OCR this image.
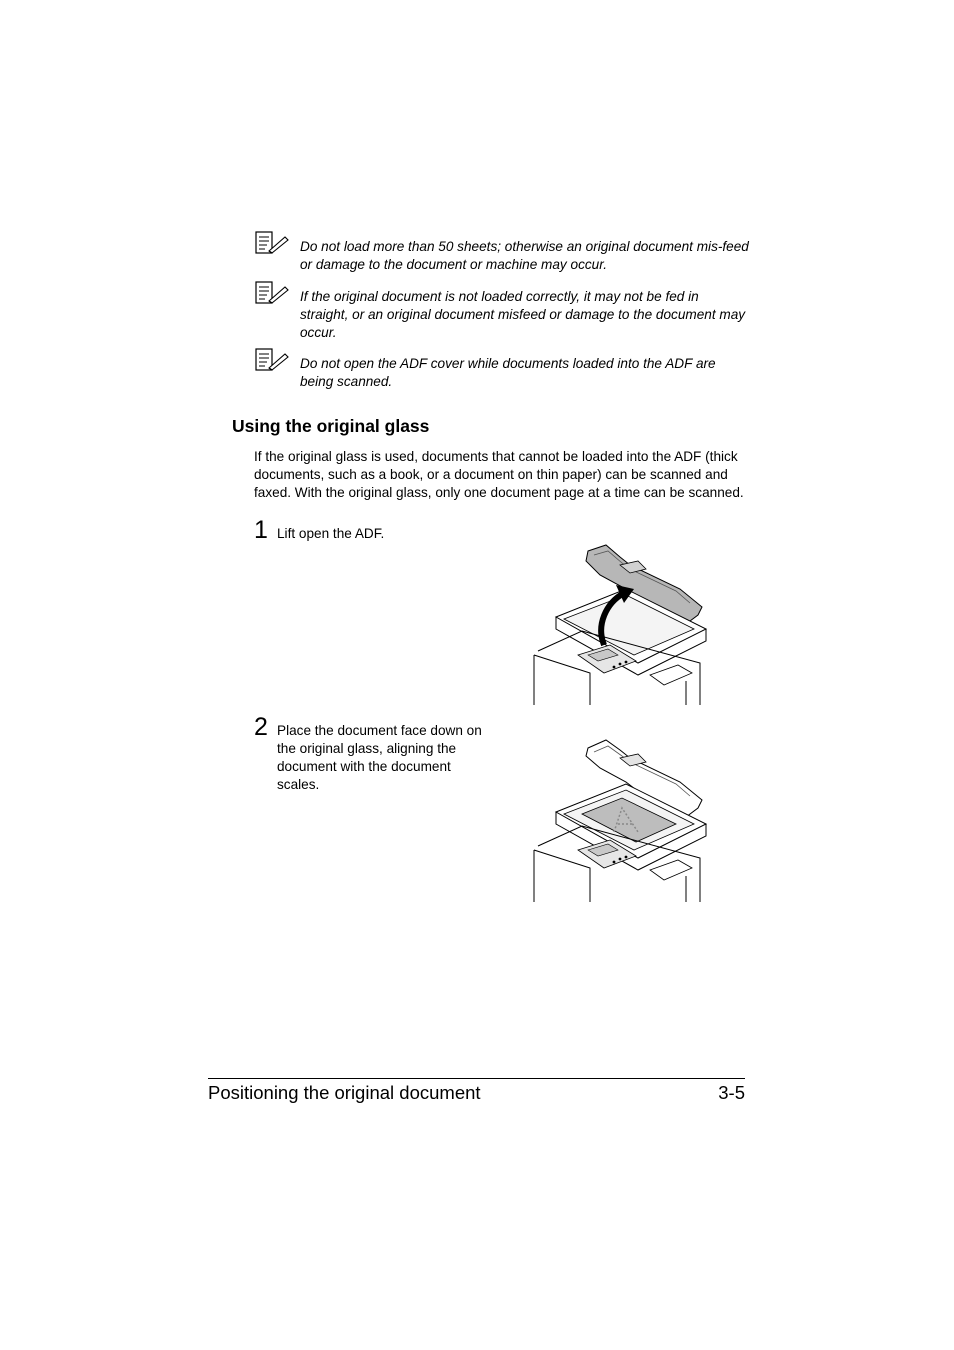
Do not load more than 50 sheets; otherwise an original document mis-feed or damage to the document or machine may occur.
If the original document is not loaded correctly, it may not be fed in straight, or an original document misfeed or damage to the document may occur.
Do not open the ADF cover while documents loaded into the ADF are being scanned.
Using the original glass
If the original glass is used, documents that cannot be loaded into the ADF (thick documents, such as a book, or a document on thin paper) can be scanned and faxed. With the original glass, only one document page at a time can be scanned.
1 Lift open the ADF.
2 Place the document face down on the original glass, aligning the document with the document scales.
Positioning the original document	3-5
